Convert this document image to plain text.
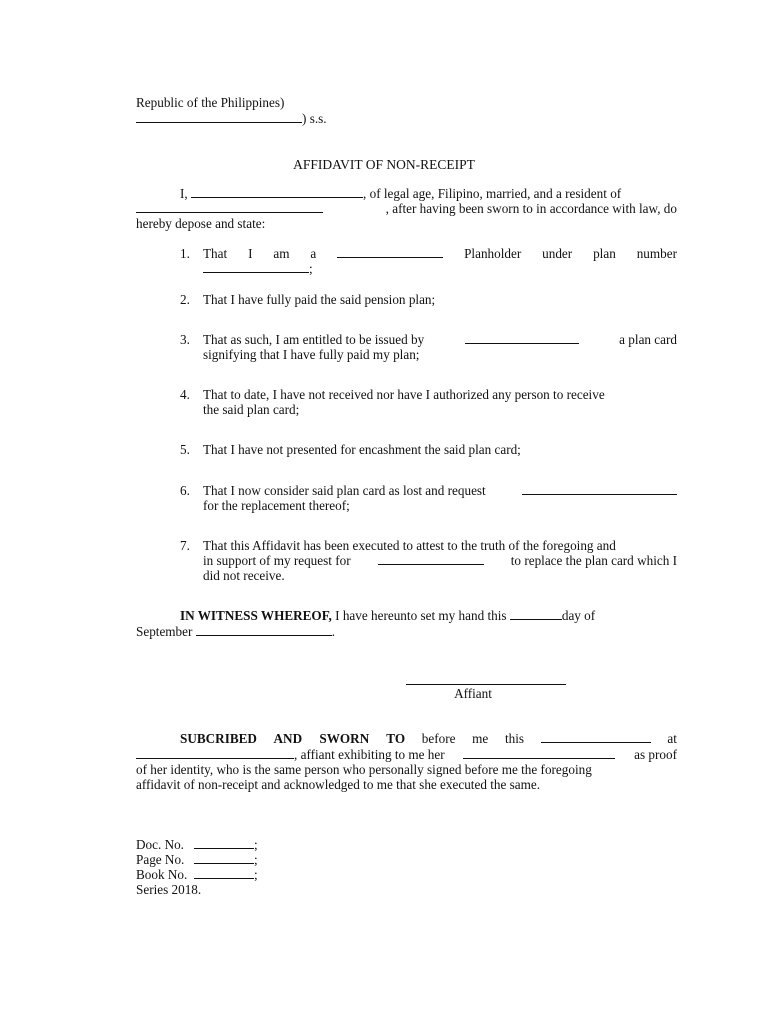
Republic of the Philippines)
) s.s.
AFFIDAVIT OF NON-RECEIPT
I,	, of legal age, Filipino, married, and a resident of
, after having been sworn to in accordance with law, do
hereby depose and state:
1. That I am a	Planholder under plan number
;
2. That I have fully paid the said pension plan;
3. That as such, I am entitled to be issued by	a plan card
signifying that I have fully paid my plan;
4. That to date, I have not received nor have I authorized any person to receive
the said plan card;
5. That I have not presented for encashment the said plan card;
6. That I now consider said plan card as lost and request
for the replacement thereof;
7. That this Affidavit has been executed to attest to the truth of the foregoing and
in support of my request for	to replace the plan card which I
did not receive.
IN WITNESS WHEREOF, I have hereunto set my hand this	day of
September	.
Affiant
SUBCRIBED AND SWORN TO before me this	at
, affiant exhibiting to me her	as proof
of her identity, who is the same person who personally signed before me the foregoing
affidavit of non-receipt and acknowledged to me that she executed the same.
Doc. No.	;
Page No.	;
Book No.	;
Series 2018.
